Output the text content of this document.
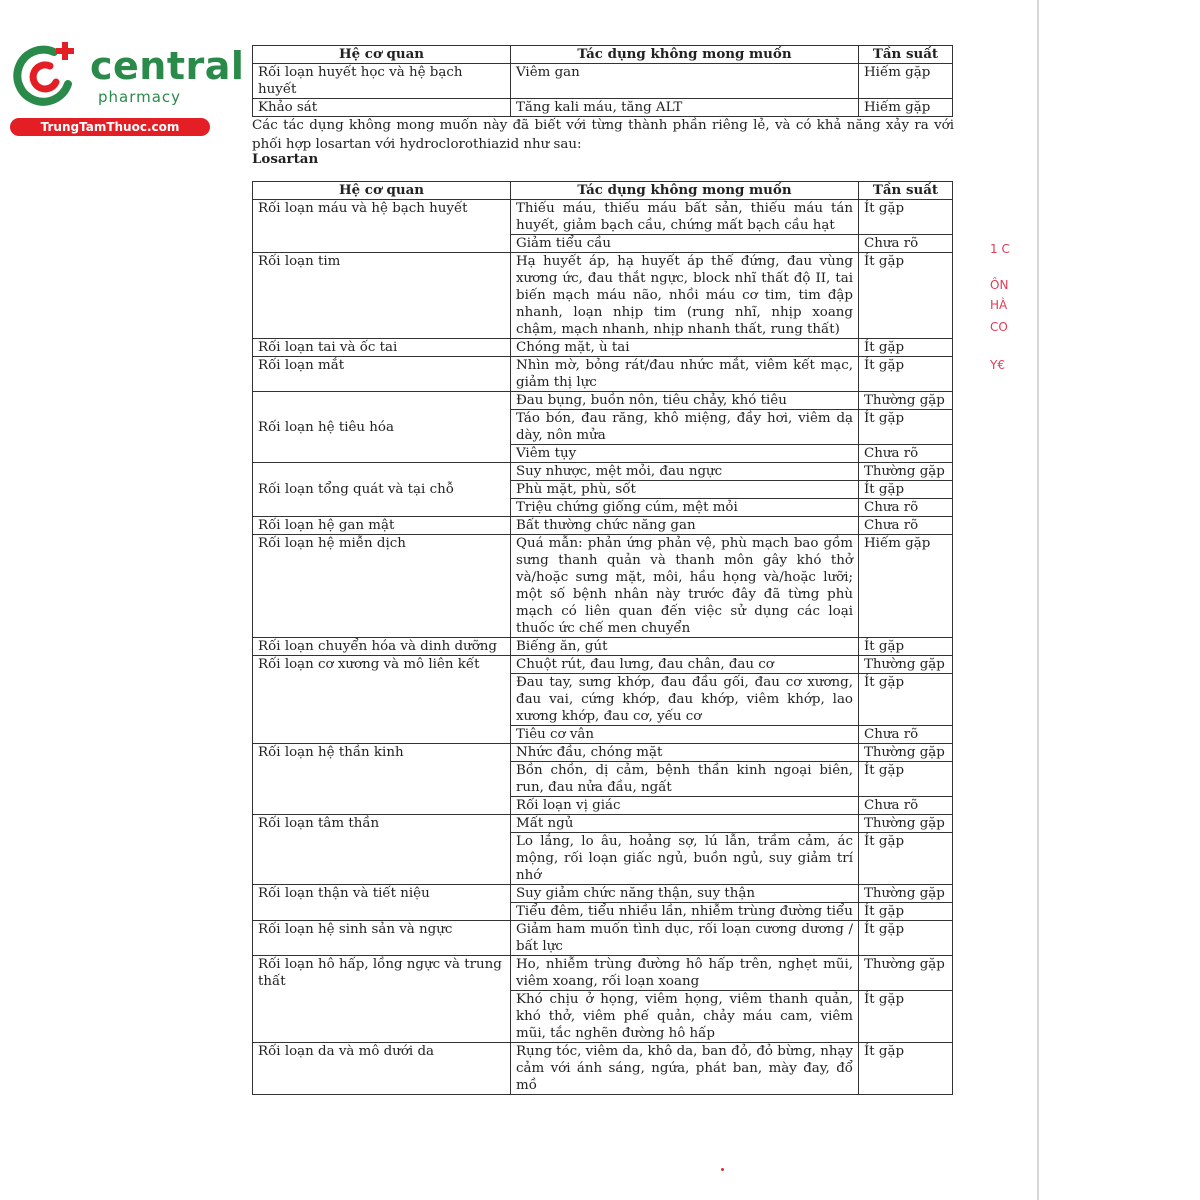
central
pharmacy
TrungTamThuoc.com
1 C
ÔN
HÀ
CO
Y€
Hệ cơ quan	Tác dụng không mong muốn	Tần suất
Rối loạn huyết học và hệ bạch huyết	Viêm gan	Hiếm gặp
Khảo sát	Tăng kali máu, tăng ALT	Hiếm gặp
Các tác dụng không mong muốn này đã biết với từng thành phần riêng lẻ, và có khả năng xảy ra với phối hợp losartan với hydroclorothiazid như sau:
Losartan
Hệ cơ quan	Tác dụng không mong muốn	Tần suất
Rối loạn máu và hệ bạch huyết	Thiếu máu, thiếu máu bất sản, thiếu máu tán huyết, giảm bạch cầu, chứng mất bạch cầu hạt	Ít gặp
	Giảm tiểu cầu	Chưa rõ
Rối loạn tim	Hạ huyết áp, hạ huyết áp thế đứng, đau vùng xương ức, đau thắt ngực, block nhĩ thất độ II, tai biến mạch máu não, nhồi máu cơ tim, tim đập nhanh, loạn nhịp tim (rung nhĩ, nhịp xoang chậm, mạch nhanh, nhịp nhanh thất, rung thất)	Ít gặp
Rối loạn tai và ốc tai	Chóng mặt, ù tai	Ít gặp
Rối loạn mắt	Nhìn mờ, bỏng rát/đau nhức mắt, viêm kết mạc, giảm thị lực	Ít gặp
Rối loạn hệ tiêu hóa	Đau bụng, buồn nôn, tiêu chảy, khó tiêu	Thường gặp
	Táo bón, đau răng, khô miệng, đầy hơi, viêm dạ dày, nôn mửa	Ít gặp
	Viêm tụy	Chưa rõ
Rối loạn tổng quát và tại chỗ	Suy nhược, mệt mỏi, đau ngực	Thường gặp
	Phù mặt, phù, sốt	Ít gặp
	Triệu chứng giống cúm, mệt mỏi	Chưa rõ
Rối loạn hệ gan mật	Bất thường chức năng gan	Chưa rõ
Rối loạn hệ miễn dịch	Quá mẫn: phản ứng phản vệ, phù mạch bao gồm sưng thanh quản và thanh môn gây khó thở và/hoặc sưng mặt, môi, hầu họng và/hoặc lưỡi; một số bệnh nhân này trước đây đã từng phù mạch có liên quan đến việc sử dụng các loại thuốc ức chế men chuyển	Hiếm gặp
Rối loạn chuyển hóa và dinh dưỡng	Biếng ăn, gút	Ít gặp
Rối loạn cơ xương và mô liên kết	Chuột rút, đau lưng, đau chân, đau cơ	Thường gặp
	Đau tay, sưng khớp, đau đầu gối, đau cơ xương, đau vai, cứng khớp, đau khớp, viêm khớp, lao xương khớp, đau cơ, yếu cơ	Ít gặp
	Tiêu cơ vân	Chưa rõ
Rối loạn hệ thần kinh	Nhức đầu, chóng mặt	Thường gặp
	Bồn chồn, dị cảm, bệnh thần kinh ngoại biên, run, đau nửa đầu, ngất	Ít gặp
	Rối loạn vị giác	Chưa rõ
Rối loạn tâm thần	Mất ngủ	Thường gặp
	Lo lắng, lo âu, hoảng sợ, lú lẫn, trầm cảm, ác mộng, rối loạn giấc ngủ, buồn ngủ, suy giảm trí nhớ	Ít gặp
Rối loạn thận và tiết niệu	Suy giảm chức năng thận, suy thận	Thường gặp
	Tiểu đêm, tiểu nhiều lần, nhiễm trùng đường tiểu	Ít gặp
Rối loạn hệ sinh sản và ngực	Giảm ham muốn tình dục, rối loạn cương dương / bất lực	Ít gặp
Rối loạn hô hấp, lồng ngực và trung thất	Ho, nhiễm trùng đường hô hấp trên, nghẹt mũi, viêm xoang, rối loạn xoang	Thường gặp
	Khó chịu ở họng, viêm họng, viêm thanh quản, khó thở, viêm phế quản, chảy máu cam, viêm mũi, tắc nghẽn đường hô hấp	Ít gặp
Rối loạn da và mô dưới da	Rụng tóc, viêm da, khô da, ban đỏ, đỏ bừng, nhạy cảm với ánh sáng, ngứa, phát ban, mày đay, đổ mồ	Ít gặp
